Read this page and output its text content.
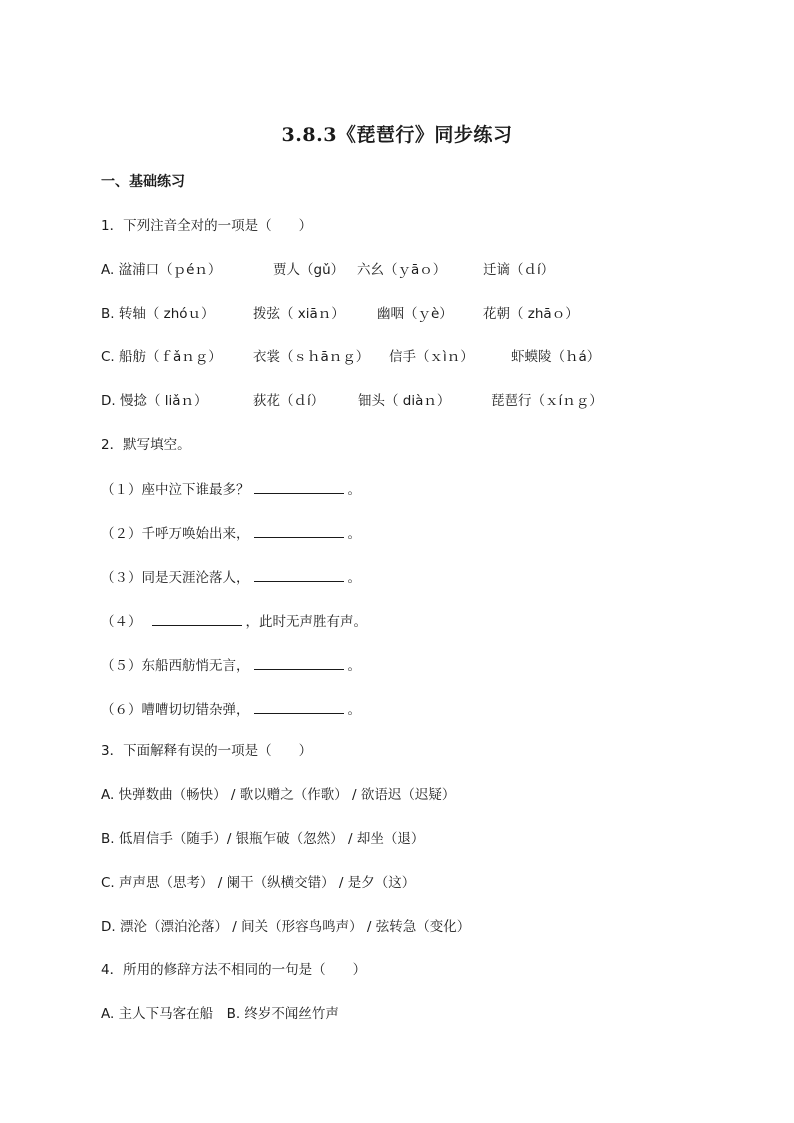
3.8.3《琵琶行》同步练习
一、基础练习
1．下列注音全对的一项是（　　）
A. 湓浦口（ｐéｎ）	贾人（gǔ） 六幺（ｙāｏ）	迁谪（ｄí）
B. 转轴（ zhóｕ）	拨弦（ xiāｎ） 幽咽（ｙè） 花朝（ zhāｏ）
C. 船舫（ｆǎｎｇ） 衣裳（ｓｈāｎｇ） 信手（ｘìｎ）	虾蟆陵（ｈá）
D. 慢捻（ liǎｎ）	荻花（ｄí） 钿头（ diàｎ）	琵琶行（ｘíｎｇ）
2．默写填空。
（１）座中泣下谁最多？	。
（２）千呼万唤始出来，	。
（３）同是天涯沦落人，	。
（４）	，此时无声胜有声。
（５）东船西舫悄无言，	。
（６）嘈嘈切切错杂弹，	。
3．下面解释有误的一项是（　　）
A. 快弹数曲（畅快） / 歌以赠之（作歌） / 欲语迟（迟疑）
B. 低眉信手（随手）/ 银瓶乍破（忽然） / 却坐（退）
C. 声声思（思考） / 阑干（纵横交错） / 是夕（这）
D. 漂沦（漂泊沦落） / 间关（形容鸟鸣声） / 弦转急（变化）
4．所用的修辞方法不相同的一句是（　　）
A. 主人下马客在船　B. 终岁不闻丝竹声
